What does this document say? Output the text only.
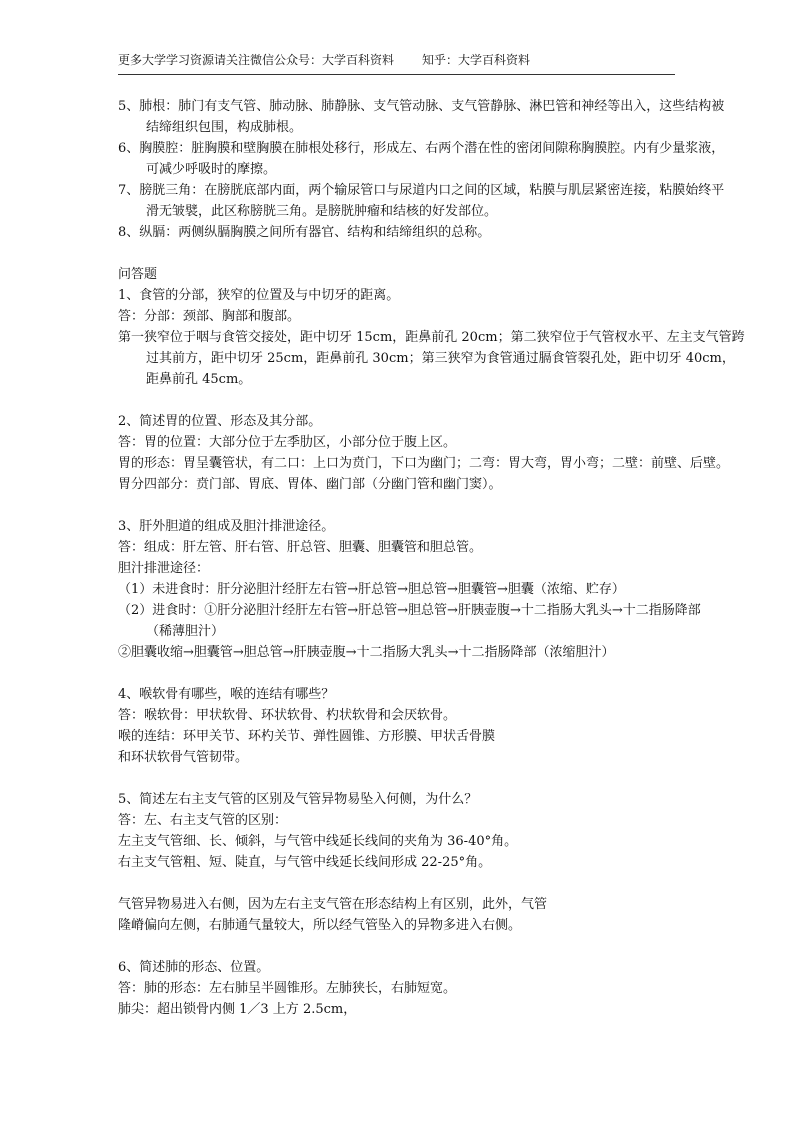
更多大学学习资源请关注微信公众号：大学百科资料 知乎：大学百科资料
5、肺根：肺门有支气管、肺动脉、肺静脉、支气管动脉、支气管静脉、淋巴管和神经等出入，这些结构被
结缔组织包围，构成肺根。
6、胸膜腔：脏胸膜和壁胸膜在肺根处移行，形成左、右两个潜在性的密闭间隙称胸膜腔。内有少量浆液，
可减少呼吸时的摩擦。
7、膀胱三角：在膀胱底部内面，两个输尿管口与尿道内口之间的区域，粘膜与肌层紧密连接，粘膜始终平
滑无皱襞，此区称膀胱三角。是膀胱肿瘤和结核的好发部位。
8、纵膈：两侧纵膈胸膜之间所有器官、结构和结缔组织的总称。
问答题
1、食管的分部，狭窄的位置及与中切牙的距离。
答：分部：颈部、胸部和腹部。
第一狭窄位于咽与食管交接处，距中切牙 15cm，距鼻前孔 20cm；第二狭窄位于气管杈水平、左主支气管跨
过其前方，距中切牙 25cm，距鼻前孔 30cm；第三狭窄为食管通过膈食管裂孔处，距中切牙 40cm，
距鼻前孔 45cm。
2、简述胃的位置、形态及其分部。
答：胃的位置：大部分位于左季肋区，小部分位于腹上区。
胃的形态：胃呈囊管状，有二口：上口为贲门，下口为幽门；二弯：胃大弯，胃小弯；二壁：前壁、后壁。
胃分四部分：贲门部、胃底、胃体、幽门部（分幽门管和幽门窦）。
3、肝外胆道的组成及胆汁排泄途径。
答：组成：肝左管、肝右管、肝总管、胆囊、胆囊管和胆总管。
胆汁排泄途径：
（1）未进食时：肝分泌胆汁经肝左右管→肝总管→胆总管→胆囊管→胆囊（浓缩、贮存）
（2）进食时：①肝分泌胆汁经肝左右管→肝总管→胆总管→肝胰壶腹→十二指肠大乳头→十二指肠降部
（稀薄胆汁）
②胆囊收缩→胆囊管→胆总管→肝胰壶腹→十二指肠大乳头→十二指肠降部（浓缩胆汁）
4、喉软骨有哪些，喉的连结有哪些？
答：喉软骨：甲状软骨、环状软骨、杓状软骨和会厌软骨。
喉的连结：环甲关节、环杓关节、弹性圆锥、方形膜、甲状舌骨膜
和环状软骨气管韧带。
5、简述左右主支气管的区别及气管异物易坠入何侧，为什么？
答：左、右主支气管的区别：
左主支气管细、长、倾斜，与气管中线延长线间的夹角为 36-40°角。
右主支气管粗、短、陡直，与气管中线延长线间形成 22-25°角。
气管异物易进入右侧，因为左右主支气管在形态结构上有区别，此外，气管
隆嵴偏向左侧，右肺通气量较大，所以经气管坠入的异物多进入右侧。
6、简述肺的形态、位置。
答：肺的形态：左右肺呈半圆锥形。左肺狭长，右肺短宽。
肺尖：超出锁骨内侧 1／3 上方 2.5cm，
